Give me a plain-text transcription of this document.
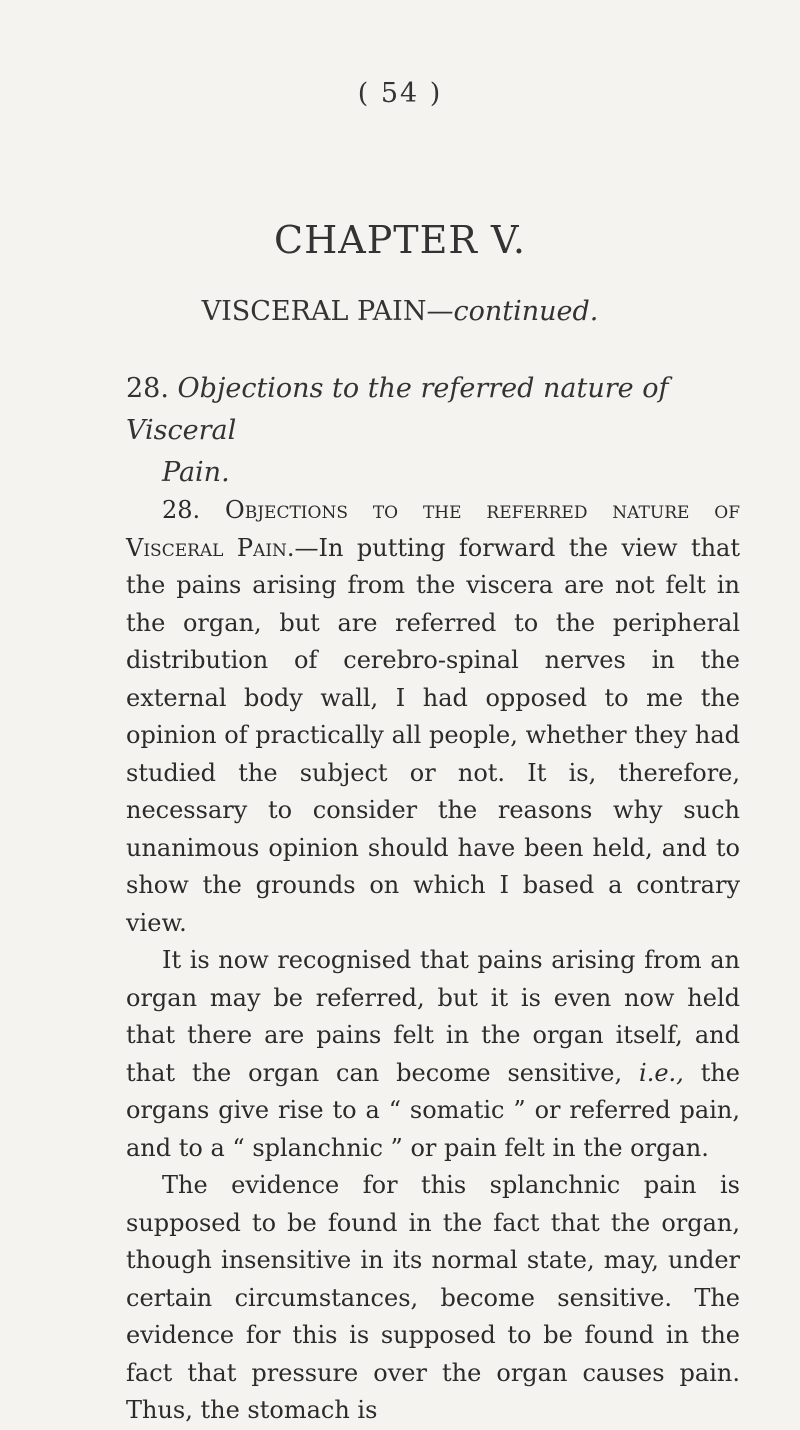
( 54 )
CHAPTER V.
VISCERAL PAIN—continued.
28. Objections to the referred nature of Visceral
Pain.

28. Objections to the referred nature of Visceral Pain.—In putting forward the view that the pains arising from the viscera are not felt in the organ, but are referred to the peripheral distribution of cerebro-spinal nerves in the external body wall, I had opposed to me the opinion of practically all people, whether they had studied the subject or not. It is, therefore, necessary to consider the reasons why such unanimous opinion should have been held, and to show the grounds on which I based a contrary view.

It is now recognised that pains arising from an organ may be referred, but it is even now held that there are pains felt in the organ itself, and that the organ can become sensitive, i.e., the organs give rise to a “ somatic ” or referred pain, and to a “ splanchnic ” or pain felt in the organ.

The evidence for this splanchnic pain is supposed to be found in the fact that the organ, though insensitive in its normal state, may, under certain circumstances, become sensitive. The evidence for this is supposed to be found in the fact that pressure over the organ causes pain. Thus, the stomach is
